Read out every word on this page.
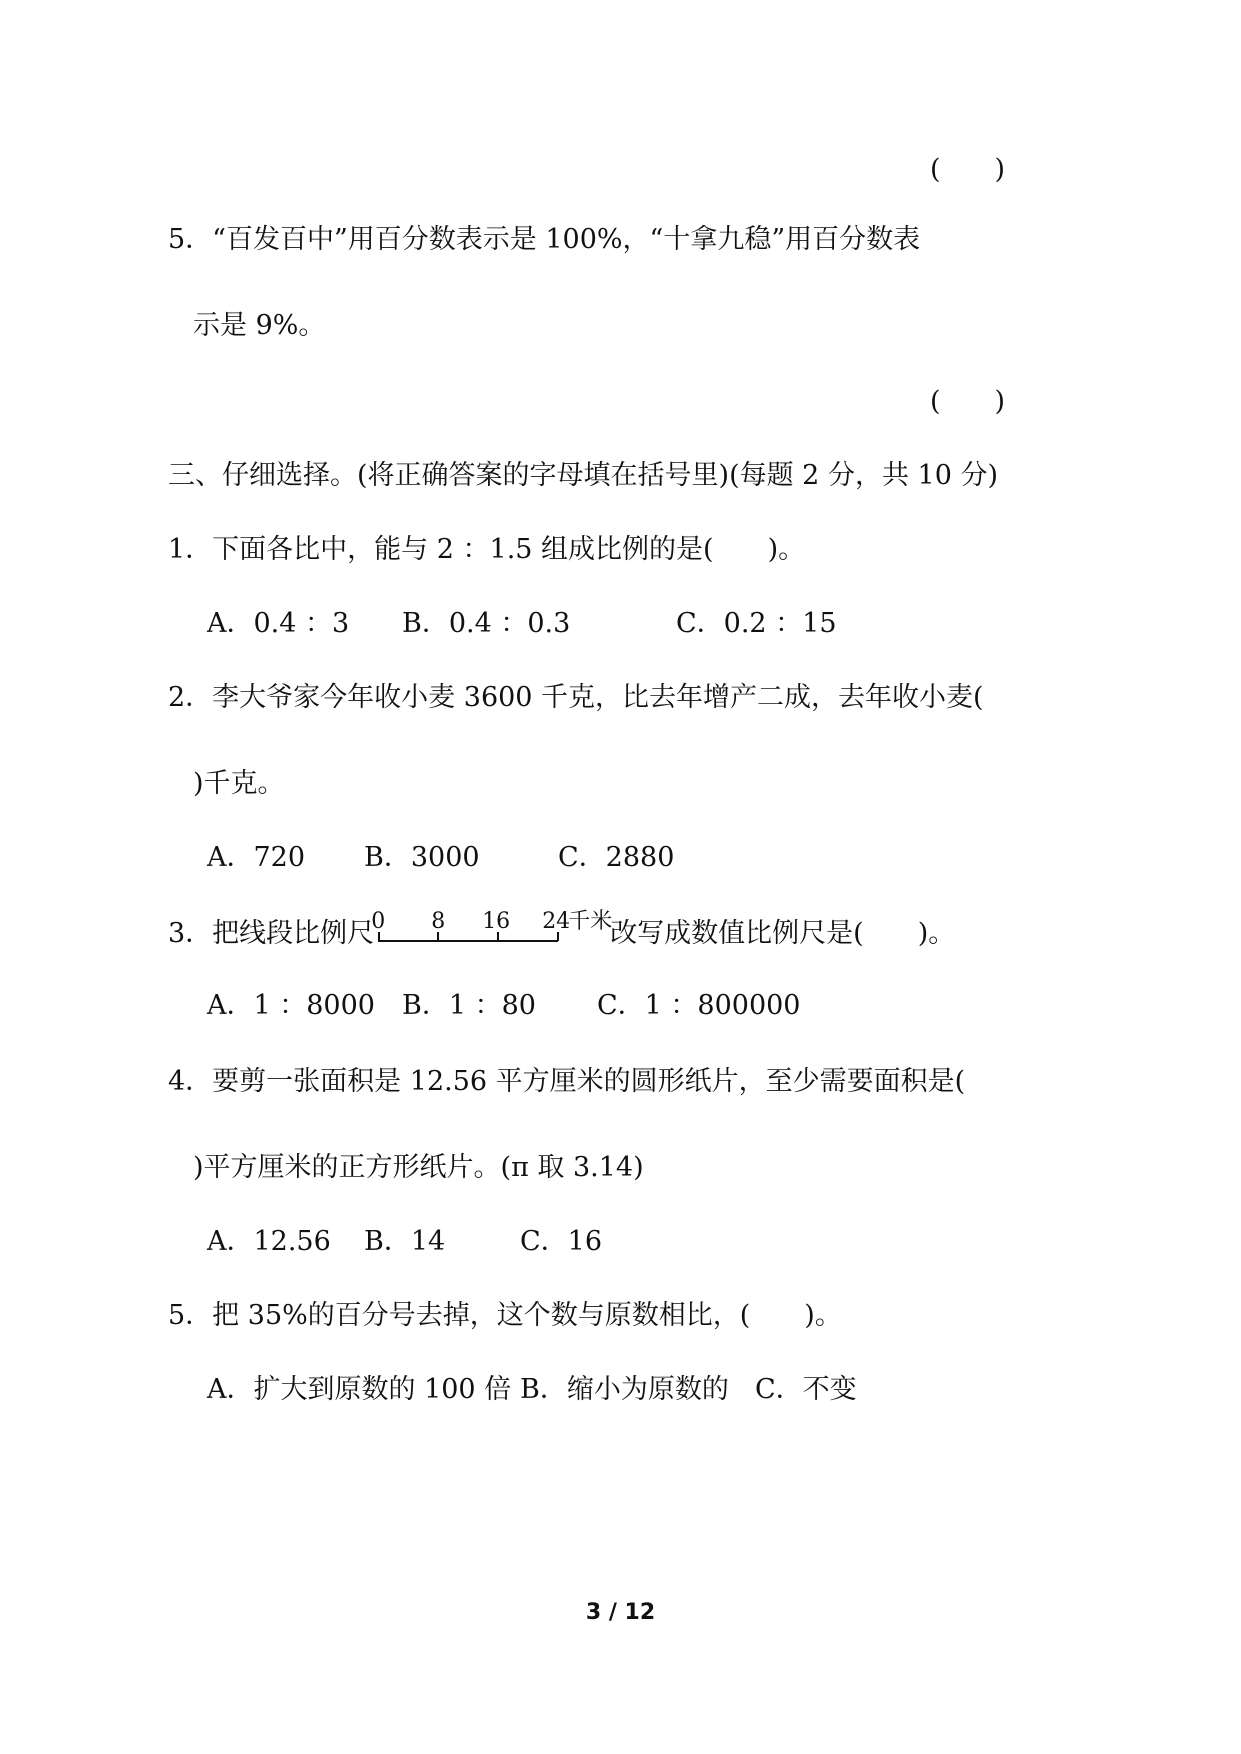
(　　)
5．“百发百中”用百分数表示是 100%，“十拿九稳”用百分数表
示是 9%。
(　　)
三、仔细选择。(将正确答案的字母填在括号里)(每题 2 分，共 10 分)
1．下面各比中，能与 2 ：1.5 组成比例的是(　　)。
A．0.4 ：3 B．0.4 ：0.3	C．0.2 ：15
2．李大爷家今年收小麦 3600 千克，比去年增产二成，去年收小麦(
)千克。
A．720 B．3000	C．2880
3．把线段比例尺
0 8 16 24
千米
改写成数值比例尺是(　　)。
A．1 ：8000 B．1 ：80 C．1 ：800000
4．要剪一张面积是 12.56 平方厘米的圆形纸片，至少需要面积是(
)平方厘米的正方形纸片。(π 取 3.14)
A．12.56 B．14	C．16
5．把 35%的百分号去掉，这个数与原数相比，(　　)。
A．扩大到原数的 100 倍 B．缩小为原数的 C．不变
3 / 12
